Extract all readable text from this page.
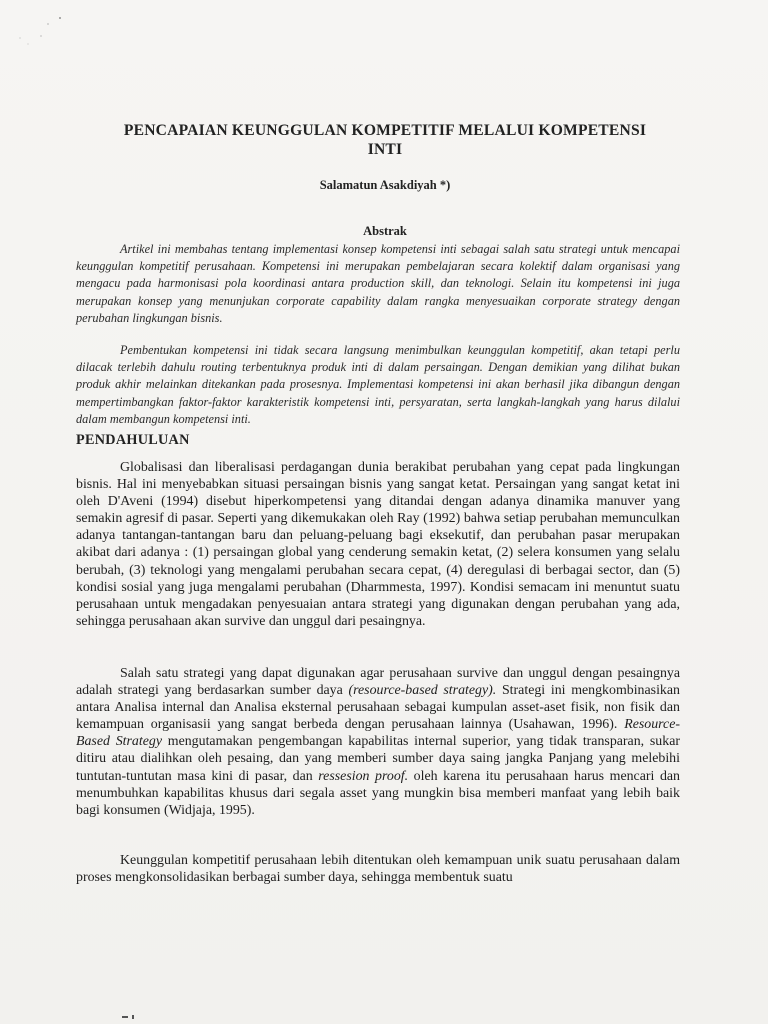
PENCAPAIAN KEUNGGULAN KOMPETITIF MELALUI KOMPETENSI
INTI
Salamatun Asakdiyah *)
Abstrak

Artikel ini membahas tentang implementasi konsep kompetensi inti sebagai salah satu strategi untuk mencapai keunggulan kompetitif perusahaan. Kompetensi ini merupakan pembelajaran secara kolektif dalam organisasi yang mengacu pada harmonisasi pola koordinasi antara production skill, dan teknologi. Selain itu kompetensi ini juga merupakan konsep yang menunjukan corporate capability dalam rangka menyesuaikan corporate strategy dengan perubahan lingkungan bisnis.

Pembentukan kompetensi ini tidak secara langsung menimbulkan keunggulan kompetitif, akan tetapi perlu dilacak terlebih dahulu routing terbentuknya produk inti di dalam persaingan. Dengan demikian yang dilihat bukan produk akhir melainkan ditekankan pada prosesnya. Implementasi kompetensi ini akan berhasil jika dibangun dengan mempertimbangkan faktor-faktor karakteristik kompetensi inti, persyaratan, serta langkah-langkah yang harus dilalui dalam membangun kompetensi inti.

PENDAHULUAN

Globalisasi dan liberalisasi perdagangan dunia berakibat perubahan yang cepat pada lingkungan bisnis. Hal ini menyebabkan situasi persaingan bisnis yang sangat ketat. Persaingan yang sangat ketat ini oleh D'Aveni (1994) disebut hiperkompetensi yang ditandai dengan adanya dinamika manuver yang semakin agresif di pasar. Seperti yang dikemukakan oleh Ray (1992) bahwa setiap perubahan memunculkan adanya tantangan-tantangan baru dan peluang-peluang bagi eksekutif, dan perubahan pasar merupakan akibat dari adanya : (1) persaingan global yang cenderung semakin ketat, (2) selera konsumen yang selalu berubah, (3) teknologi yang mengalami perubahan secara cepat, (4) deregulasi di berbagai sector, dan (5) kondisi sosial yang juga mengalami perubahan (Dharmmesta, 1997). Kondisi semacam ini menuntut suatu perusahaan untuk mengadakan penyesuaian antara strategi yang digunakan dengan perubahan yang ada, sehingga perusahaan akan survive dan unggul dari pesaingnya.

Salah satu strategi yang dapat digunakan agar perusahaan survive dan unggul dengan pesaingnya adalah strategi yang berdasarkan sumber daya (resource-based strategy). Strategi ini mengkombinasikan antara Analisa internal dan Analisa eksternal perusahaan sebagai kumpulan asset-aset fisik, non fisik dan kemampuan organisasii yang sangat berbeda dengan perusahaan lainnya (Usahawan, 1996). Resource-Based Strategy mengutamakan pengembangan kapabilitas internal superior, yang tidak transparan, sukar ditiru atau dialihkan oleh pesaing, dan yang memberi sumber daya saing jangka Panjang yang melebihi tuntutan-tuntutan masa kini di pasar, dan ressesion proof. oleh karena itu perusahaan harus mencari dan menumbuhkan kapabilitas khusus dari segala asset yang mungkin bisa memberi manfaat yang lebih baik bagi konsumen (Widjaja, 1995).

Keunggulan kompetitif perusahaan lebih ditentukan oleh kemampuan unik suatu perusahaan dalam proses mengkonsolidasikan berbagai sumber daya, sehingga membentuk suatu
